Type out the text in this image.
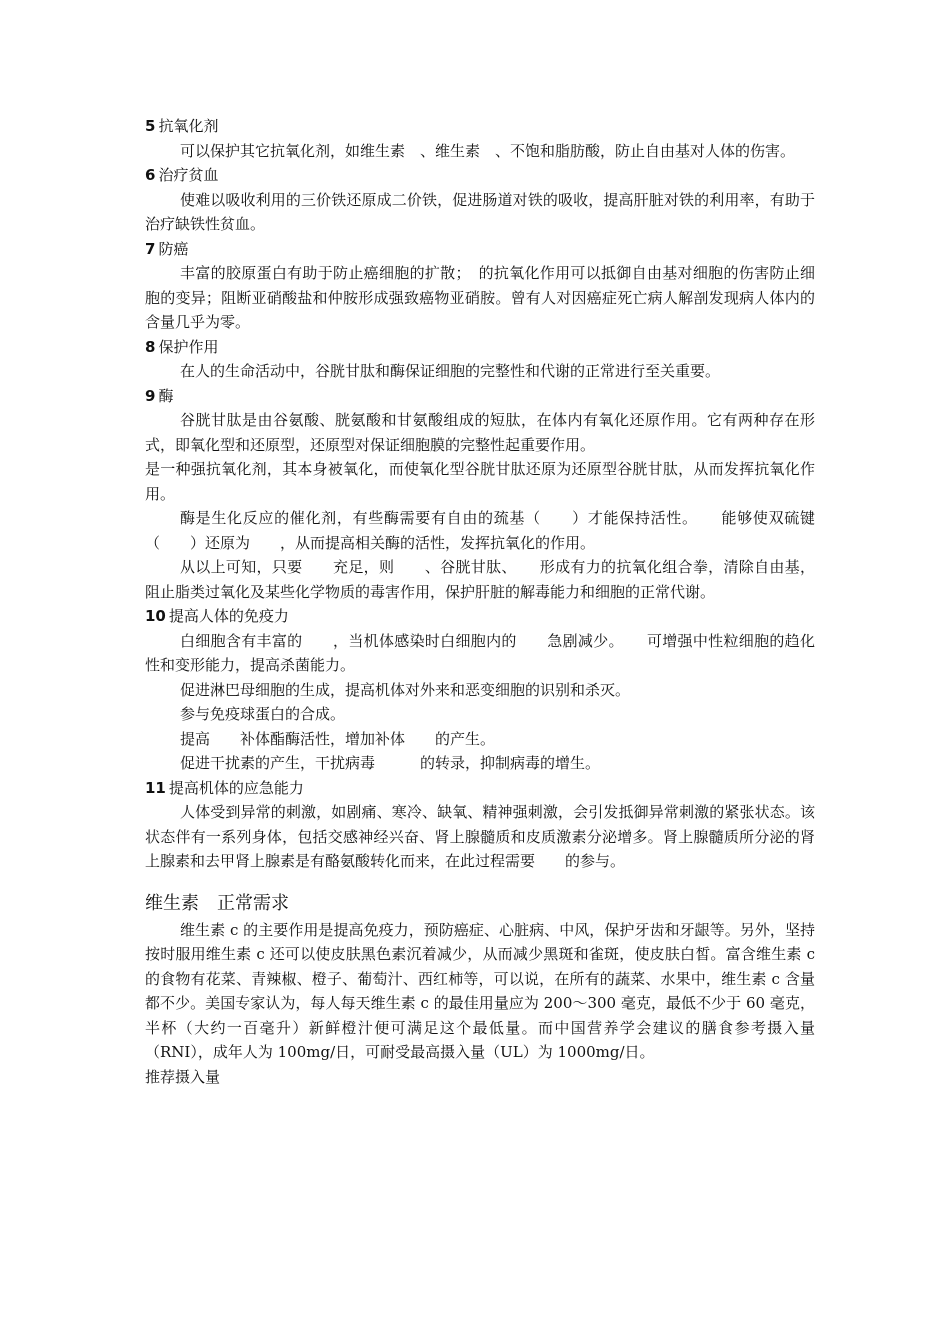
5 抗氧化剂

可以保护其它抗氧化剂，如维生素　、维生素　、不饱和脂肪酸，防止自由基对人体的伤害。

6 治疗贫血

使难以吸收利用的三价铁还原成二价铁，促进肠道对铁的吸收，提高肝脏对铁的利用率，有助于治疗缺铁性贫血。

7 防癌

丰富的胶原蛋白有助于防止癌细胞的扩散；　的抗氧化作用可以抵御自由基对细胞的伤害防止细胞的变异；阻断亚硝酸盐和仲胺形成强致癌物亚硝胺。曾有人对因癌症死亡病人解剖发现病人体内的　　含量几乎为零。

8 保护作用

在人的生命活动中，谷胱甘肽和酶保证细胞的完整性和代谢的正常进行至关重要。

9 酶

谷胱甘肽是由谷氨酸、胱氨酸和甘氨酸组成的短肽，在体内有氧化还原作用。它有两种存在形式，即氧化型和还原型，还原型对保证细胞膜的完整性起重要作用。

是一种强抗氧化剂，其本身被氧化，而使氧化型谷胱甘肽还原为还原型谷胱甘肽，从而发挥抗氧化作用。

酶是生化反应的催化剂，有些酶需要有自由的巯基（　　）才能保持活性。　　能够使双硫键（　　）还原为　　，从而提高相关酶的活性，发挥抗氧化的作用。

从以上可知，只要　　充足，则　　、谷胱甘肽、　　形成有力的抗氧化组合拳，清除自由基，阻止脂类过氧化及某些化学物质的毒害作用，保护肝脏的解毒能力和细胞的正常代谢。

10 提高人体的免疫力

白细胞含有丰富的　　，当机体感染时白细胞内的　　急剧减少。　　可增强中性粒细胞的趋化性和变形能力，提高杀菌能力。

促进淋巴母细胞的生成，提高机体对外来和恶变细胞的识别和杀灭。

参与免疫球蛋白的合成。

提高　　补体酯酶活性，增加补体　　的产生。

促进干扰素的产生，干扰病毒　　　的转录，抑制病毒的增生。

11 提高机体的应急能力

人体受到异常的刺激，如剧痛、寒冷、缺氧、精神强刺激，会引发抵御异常刺激的紧张状态。该状态伴有一系列身体，包括交感神经兴奋、肾上腺髓质和皮质激素分泌增多。肾上腺髓质所分泌的肾上腺素和去甲肾上腺素是有酪氨酸转化而来，在此过程需要　　的参与。

维生素　正常需求

维生素 c 的主要作用是提高免疫力，预防癌症、心脏病、中风，保护牙齿和牙龈等。另外，坚持按时服用维生素 c 还可以使皮肤黑色素沉着减少，从而减少黑斑和雀斑，使皮肤白皙。富含维生素 c 的食物有花菜、青辣椒、橙子、葡萄汁、西红柿等，可以说，在所有的蔬菜、水果中，维生素 c 含量都不少。美国专家认为，每人每天维生素 c 的最佳用量应为 200～300 毫克，最低不少于 60 毫克，半杯（大约一百毫升）新鲜橙汁便可满足这个最低量。而中国营养学会建议的膳食参考摄入量（RNI），成年人为 100mg/日，可耐受最高摄入量（UL）为 1000mg/日。

推荐摄入量
